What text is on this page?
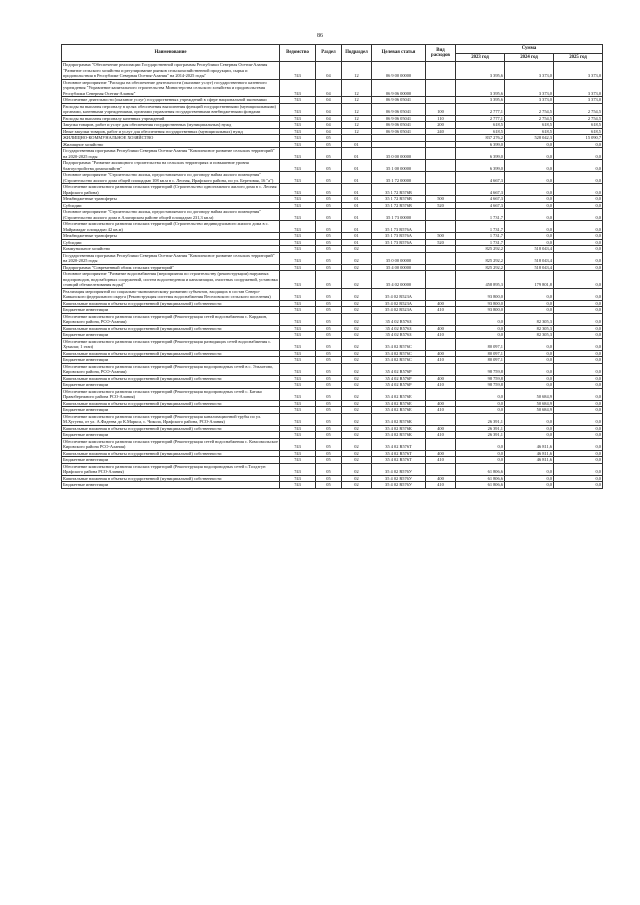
86
Наименование	Ведомство	Раздел	Подраздел	Целевая статья	Вид расходов	Сумма		
						2023 год	2024 год	2025 год
Подпрограмма "Обеспечение реализации Государственной программы Республики Северная Осетия-Алания "Развитие сельского хозяйства и регулирование рынков сельскохозяйственной продукции, сырья и продовольствия в Республике Северная Осетия-Алания" на 2014-2025 годы"	743	04	12	06 9 00 00000		3 395,6	3 373,0	3 373,0
Основное мероприятие "Расходы на обеспечение деятельности (оказание услуг) государственного казенного учреждения "Управление капитального строительства Министерства сельского хозяйства и продовольствия Республики Северная Осетия-Алания"	743	04	12	06 9 06 00000		3 395,6	3 373,0	3 373,0
Обеспечение деятельности (оказание услуг) государственных учреждений в сфере национальной экономики	743	04	12	06 9 06 05041		3 395,6	3 373,0	3 373,0
Расходы на выплаты персоналу в целях обеспечения выполнения функций государственными (муниципальными) органами, казенными учреждениями, органами управления государственными внебюджетными фондами	743	04	12	06 9 06 05041	100	2 777,1	2 754,5	2 754,5
Расходы на выплаты персоналу казенных учреждений	743	04	12	06 9 06 05041	110	2 777,1	2 754,5	2 754,5
Закупка товаров, работ и услуг для обеспечения государственных (муниципальных) нужд	743	04	12	06 9 06 05041	200	618,5	618,5	618,5
Иные закупки товаров, работ и услуг для обеспечения государственных (муниципальных) нужд	743	04	12	06 9 06 05041	240	618,5	618,5	618,5
ЖИЛИЩНО-КОММУНАЛЬНОЕ ХОЗЯЙСТВО	743	05				837 276,2	528 042,3	15 090,7
Жилищное хозяйство	743	05	01			6 399,0	0,0	0,0
Государственная программа Республики Северная Осетия-Алания "Комплексное развитие сельских территорий" на 2020-2025 годы	743	05	01	35 0 00 00000		6 399,0	0,0	0,0
Подпрограмма "Развитие жилищного строительства на сельских территориях и повышение уровня благоустройства домохозяйств"	743	05	01	35 1 00 00000		6 399,0	0,0	0,0
Основное мероприятие "Строительство жилья, предоставляемого по договору найма жилого помещения" (Строительство жилого дома общей площадью 108 кв.м в с. Лесная, Ирафского района, по ул. Березовая, 16 "а")	743	05	01	35 1 72 00000		4 667,3	0,0	0,0
Обеспечение комплексного развития сельских территорий (Строительство одноэтажного жилого дома в с. Лесная Ирафского района)	743	05	01	35 1 72 R576В		4 667,3	0,0	0,0
Межбюджетные трансферты	743	05	01	35 1 72 R576В	500	4 667,3	0,0	0,0
Субсидии	743	05	01	35 1 72 R576В	520	4 667,3	0,0	0,0
Основное мероприятие "Строительство жилья, предоставляемого по договору найма жилого помещения" (Строительство жилого дома в Алагирском районе общей площадью 231,3 кв.м)	743	05	01	35 1 73 00000		1 731,7	0,0	0,0
Обеспечение комплексного развития сельских территорий (Строительство индивидуального жилого дома в с. Майрамадаг площадью 42 кв.м)	743	05	01	35 1 73 R576А		1 731,7	0,0	0,0
Межбюджетные трансферты	743	05	01	35 1 73 R576А	500	1 731,7	0,0	0,0
Субсидии	743	05	01	35 1 73 R576А	520	1 731,7	0,0	0,0
Коммунальное хозяйство	743	05	02			825 292,2	518 043,4	0,0
Государственная программа Республики Северная Осетия-Алания "Комплексное развитие сельских территорий" на 2020-2025 годы	743	05	02	35 0 00 00000		825 292,2	518 043,4	0,0
Подпрограмма "Современный облик сельских территорий"	743	05	02	35 4 00 00000		825 292,2	518 043,4	0,0
Основное мероприятие "Развитие водоснабжения (мероприятия по строительству (реконструкции) наружных водопроводов, водозаборных сооружений, систем водоотведения и канализации, очистных сооружений, установка станций обезжелезивания воды)"	743	05	02	35 4 02 00000		458 895,3	179 801,8	0,0
Реализация мероприятий по социально-экономическому развитию субъектов, входящих в состав Северо-Кавказского федерального округа (Реконструкция системы водоснабжения Веселовского сельского поселения)	743	05	02	35 4 02 R523А		93 800,0	0,0	0,0
Капитальные вложения в объекты государственной (муниципальной) собственности	743	05	02	35 4 02 R523А	400	93 800,0	0,0	0,0
Бюджетные инвестиции	743	05	02	35 4 02 R523А	410	93 800,0	0,0	0,0
Обеспечение комплексного развития сельских территорий (Реконструкция сетей водоснабжения с. Карджин, Кировского района, РСО-Алания)	743	05	02	35 4 02 R576З		0,0	82 305,3	0,0
Капитальные вложения в объекты государственной (муниципальной) собственности	743	05	02	35 4 02 R576З	400	0,0	82 305,3	0,0
Бюджетные инвестиции	743	05	02	35 4 02 R576З	410	0,0	82 305,3	0,0
Обеспечение комплексного развития сельских территорий (Реконструкция разводящих сетей водоснабжения с. Хумалаг, 1 этап)	743	05	02	35 4 02 R576С		80 097,1	0,0	0,0
Капитальные вложения в объекты государственной (муниципальной) собственности	743	05	02	35 4 02 R576С	400	80 097,1	0,0	0,0
Бюджетные инвестиции	743	05	02	35 4 02 R576С	410	80 097,1	0,0	0,0
Обеспечение комплексного развития сельских территорий (Реконструкция водопроводных сетей в с. Эльхотово, Кировского района, РСО-Алания)	743	05	02	35 4 02 R576Р		98 759,8	0,0	0,0
Капитальные вложения в объекты государственной (муниципальной) собственности	743	05	02	35 4 02 R576Р	400	98 759,8	0,0	0,0
Бюджетные инвестиции	743	05	02	35 4 02 R576Р	410	98 759,8	0,0	0,0
Обеспечение комплексного развития сельских территорий (Реконструкция водопроводных сетей с. Батако Правобережного района РСО-Алания)	743	05	02	35 4 02 R576Е		0,0	50 684,9	0,0
Капитальные вложения в объекты государственной (муниципальной) собственности	743	05	02	35 4 02 R576Е	400	0,0	50 684,9	0,0
Бюджетные инвестиции	743	05	02	35 4 02 R576Е	410	0,0	50 684,9	0,0
Обеспечение комплексного развития сельских территорий (Реконструкция канализационной трубы по ул. М.Хугуева, от ул. А.Фадеева до К.Маркса, с. Чикола, Ирафского района, РСО-Алания)	743	05	02	35 4 02 R576К		26 391,1	0,0	0,0
Капитальные вложения в объекты государственной (муниципальной) собственности	743	05	02	35 4 02 R576К	400	26 391,1	0,0	0,0
Бюджетные инвестиции	743	05	02	35 4 02 R576К	410	26 391,1	0,0	0,0
Обеспечение комплексного развития сельских территорий (Реконструкция сетей водоснабжения с. Комсомольское Кировского района РСО-Алания)	743	05	02	35 4 02 R576Т		0,0	46 811,6	0,0
Капитальные вложения в объекты государственной (муниципальной) собственности	743	05	02	35 4 02 R576Т	400	0,0	46 811,6	0,0
Бюджетные инвестиции	743	05	02	35 4 02 R576Т	410	0,0	46 811,6	0,0
Обеспечение комплексного развития сельских территорий (Реконструкция водопроводных сетей с.Толдзгун Ирафского района РСО-Алания)	743	05	02	35 4 02 R576У		61 806,6	0,0	0,0
Капитальные вложения в объекты государственной (муниципальной) собственности	743	05	02	35 4 02 R576У	400	61 806,6	0,0	0,0
Бюджетные инвестиции	743	05	02	35 4 02 R576У	410	61 806,6	0,0	0,0
